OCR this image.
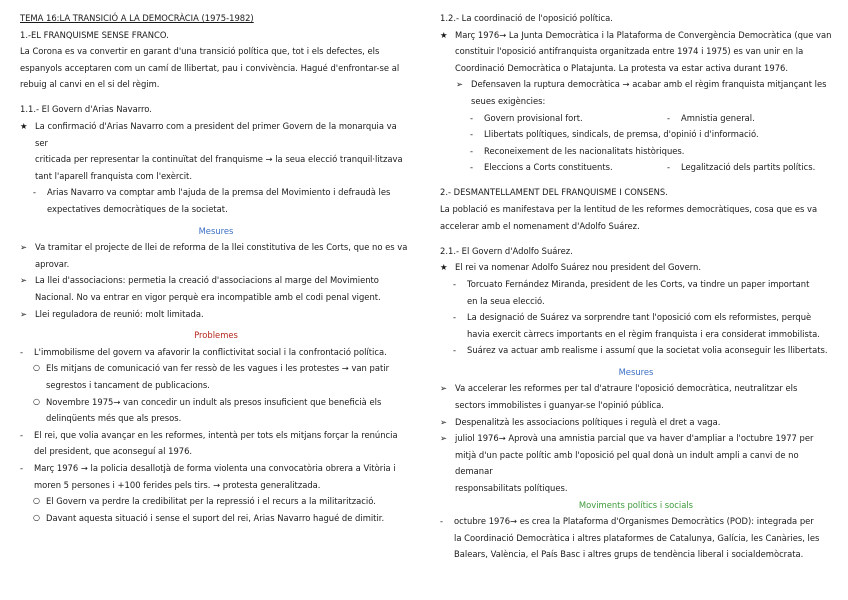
TEMA 16:LA TRANSICIÓ A LA DEMOCRÀCIA (1975-1982)

1.-EL FRANQUISME SENSE FRANCO.

La Corona es va convertir en garant d'una transició política que, tot i els defectes, els

espanyols acceptaren com un camí de llibertat, pau i convivència. Hagué d'enfrontar-se al

rebuig al canvi en el si del règim.

1.1.- El Govern d'Arias Navarro.

★ La confirmació d'Arias Navarro com a president del primer Govern de la monarquia va ser
criticada per representar la continuïtat del franquisme → la seua elecció tranquil·litzava
tant l'aparell franquista com l'exèrcit.
-	Arias Navarro va comptar amb l'ajuda de la premsa del Movimiento i defraudà les
expectatives democràtiques de la societat.

Mesures

➢ Va tramitar el projecte de llei de reforma de la llei constitutiva de les Corts, que no es va
aprovar.
➢ La llei d'associacions: permetia la creació d'associacions al marge del Movimiento
Nacional. No va entrar en vigor perquè era incompatible amb el codi penal vigent.
➢ Llei reguladora de reunió: molt limitada.

Problemes

-	L'immobilisme del govern va afavorir la conflictivitat social i la confrontació política.
○ Els mitjans de comunicació van fer ressò de les vagues i les protestes → van patir
segrestos i tancament de publicacions.
○ Novembre 1975→ van concedir un indult als presos insuficient que beneficià els
delinqüents més que als presos.
-	El rei, que volia avançar en les reformes, intentà per tots els mitjans forçar la renúncia
del president, que aconseguí al 1976.
-	Març 1976 → la policia desallotjà de forma violenta una convocatòria obrera a Vitòria i
moren 5 persones i +100 ferides pels tirs. → protesta generalitzada.
○ El Govern va perdre la credibilitat per la repressió i el recurs a la militarització.
○ Davant aquesta situació i sense el suport del rei, Arias Navarro hagué de dimitir.

1.2.- La coordinació de l'oposició política.

★ Març 1976→ La Junta Democràtica i la Plataforma de Convergència Democràtica (que van
constituir l'oposició antifranquista organitzada entre 1974 i 1975) es van unir en la
Coordinació Democràtica o Platajunta. La protesta va estar activa durant 1976.
➢ Defensaven la ruptura democràtica → acabar amb el règim franquista mitjançant les
seues exigències:
-	Govern provisional fort.	-	Amnistia general.
-	Llibertats polítiques, sindicals, de premsa, d'opinió i d'informació.
-	Reconeixement de les nacionalitats històriques.
-	Eleccions a Corts constituents.	-	Legalització dels partits polítics.

2.- DESMANTELLAMENT DEL FRANQUISME I CONSENS.

La població es manifestava per la lentitud de les reformes democràtiques, cosa que es va

accelerar amb el nomenament d'Adolfo Suárez.

2.1.- El Govern d'Adolfo Suárez.

★ El rei va nomenar Adolfo Suárez nou president del Govern.
-	Torcuato Fernández Miranda, president de les Corts, va tindre un paper important
en la seua elecció.
-	La designació de Suárez va sorprendre tant l'oposició com els reformistes, perquè
havia exercit càrrecs importants en el règim franquista i era considerat immobilista.
-	Suárez va actuar amb realisme i assumí que la societat volia aconseguir les llibertats.

Mesures

➢ Va accelerar les reformes per tal d'atraure l'oposició democràtica, neutralitzar els
sectors immobilistes i guanyar-se l'opinió pública.
➢ Despenalitzà les associacions polítiques i regulà el dret a vaga.
➢ juliol 1976→ Aprovà una amnistia parcial que va haver d'ampliar a l'octubre 1977 per
mitjà d'un pacte polític amb l'oposició pel qual donà un indult ampli a canvi de no demanar
responsabilitats polítiques.

Moviments polítics i socials

-	octubre 1976→ es crea la Plataforma d'Organismes Democràtics (POD): integrada per
la Coordinació Democràtica i altres plataformes de Catalunya, Galícia, les Canàries, les
Balears, València, el País Basc i altres grups de tendència liberal i socialdemòcrata.
